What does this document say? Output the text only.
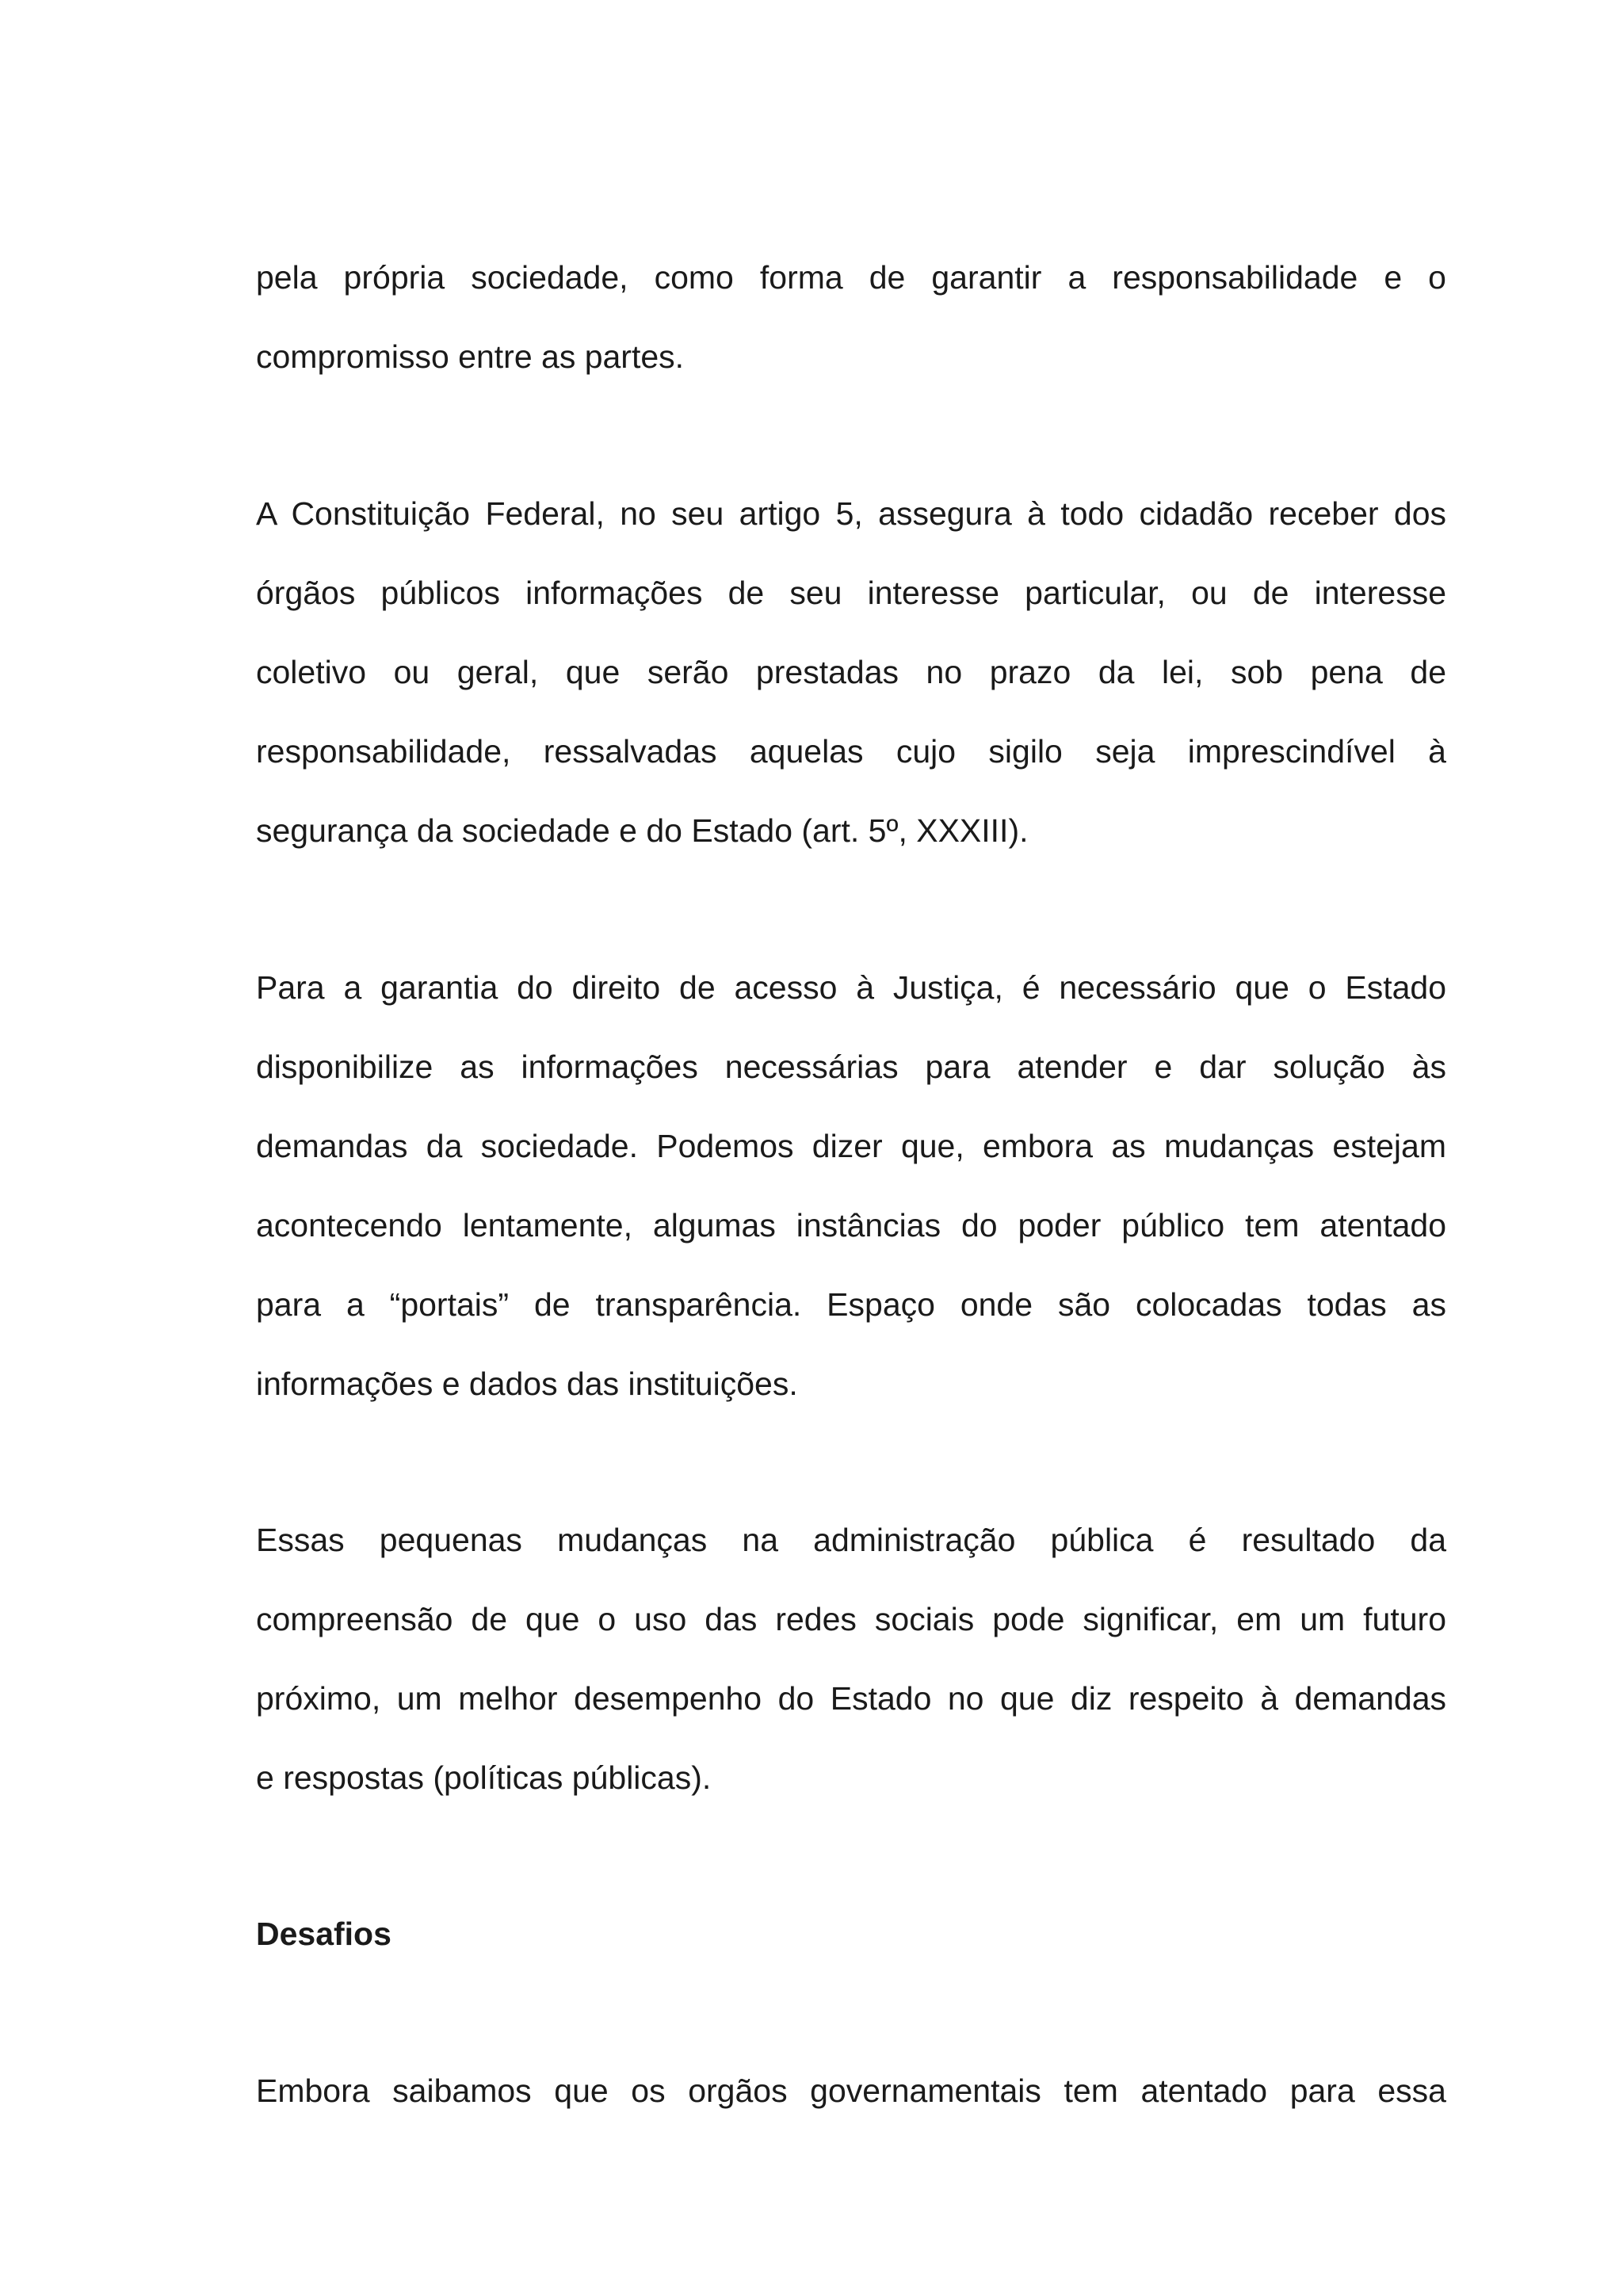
pela própria sociedade, como forma de garantir a responsabilidade e o
compromisso entre as partes.
A Constituição Federal, no seu artigo 5, assegura à todo cidadão receber dos
órgãos públicos informações de seu interesse particular, ou de interesse
coletivo ou geral, que serão prestadas no prazo da lei, sob pena de
responsabilidade, ressalvadas aquelas cujo sigilo seja imprescindível à
segurança da sociedade e do Estado (art. 5º, XXXIII).
Para a garantia do direito de acesso à Justiça, é necessário que o Estado
disponibilize as informações necessárias para atender e dar solução às
demandas da sociedade. Podemos dizer que, embora as mudanças estejam
acontecendo lentamente, algumas instâncias do poder público tem atentado
para a “portais” de transparência. Espaço onde são colocadas todas as
informações e dados das instituições.
Essas pequenas mudanças na administração pública é resultado da
compreensão de que o uso das redes sociais pode significar, em um futuro
próximo, um melhor desempenho do Estado no que diz respeito à demandas
e respostas (políticas públicas).
Desafios
Embora saibamos que os orgãos governamentais tem atentado para essa
